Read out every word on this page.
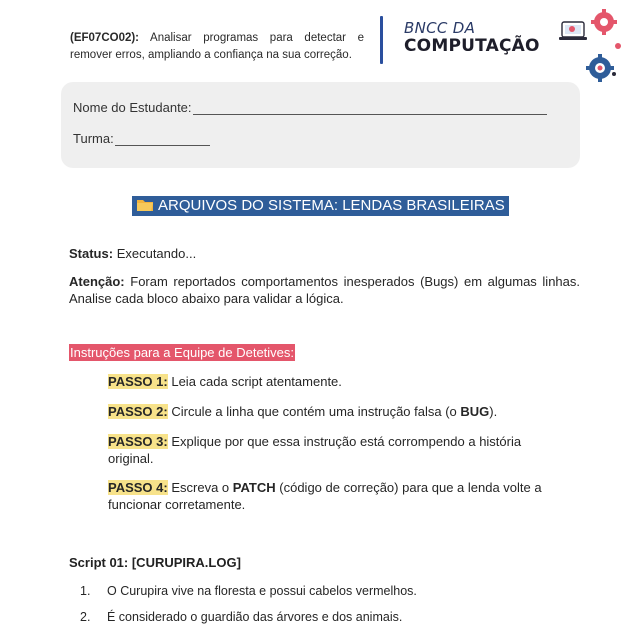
(EF07CO02): Analisar programas para detectar e remover erros, ampliando a confiança na sua correção.
BNCC DA
COMPUTAÇÃO
Nome do Estudante:
Turma:
ARQUIVOS DO SISTEMA: LENDAS BRASILEIRAS
Status: Executando...
Atenção: Foram reportados comportamentos inesperados (Bugs) em algumas linhas. Analise cada bloco abaixo para validar a lógica.
Instruções para a Equipe de Detetives:
PASSO 1: Leia cada script atentamente.
PASSO 2: Circule a linha que contém uma instrução falsa (o BUG).
PASSO 3: Explique por que essa instrução está corrompendo a história original.
PASSO 4: Escreva o PATCH (código de correção) para que a lenda volte a funcionar corretamente.
Script 01: [CURUPIRA.LOG]
1. O Curupira vive na floresta e possui cabelos vermelhos.
2. É considerado o guardião das árvores e dos animais.
